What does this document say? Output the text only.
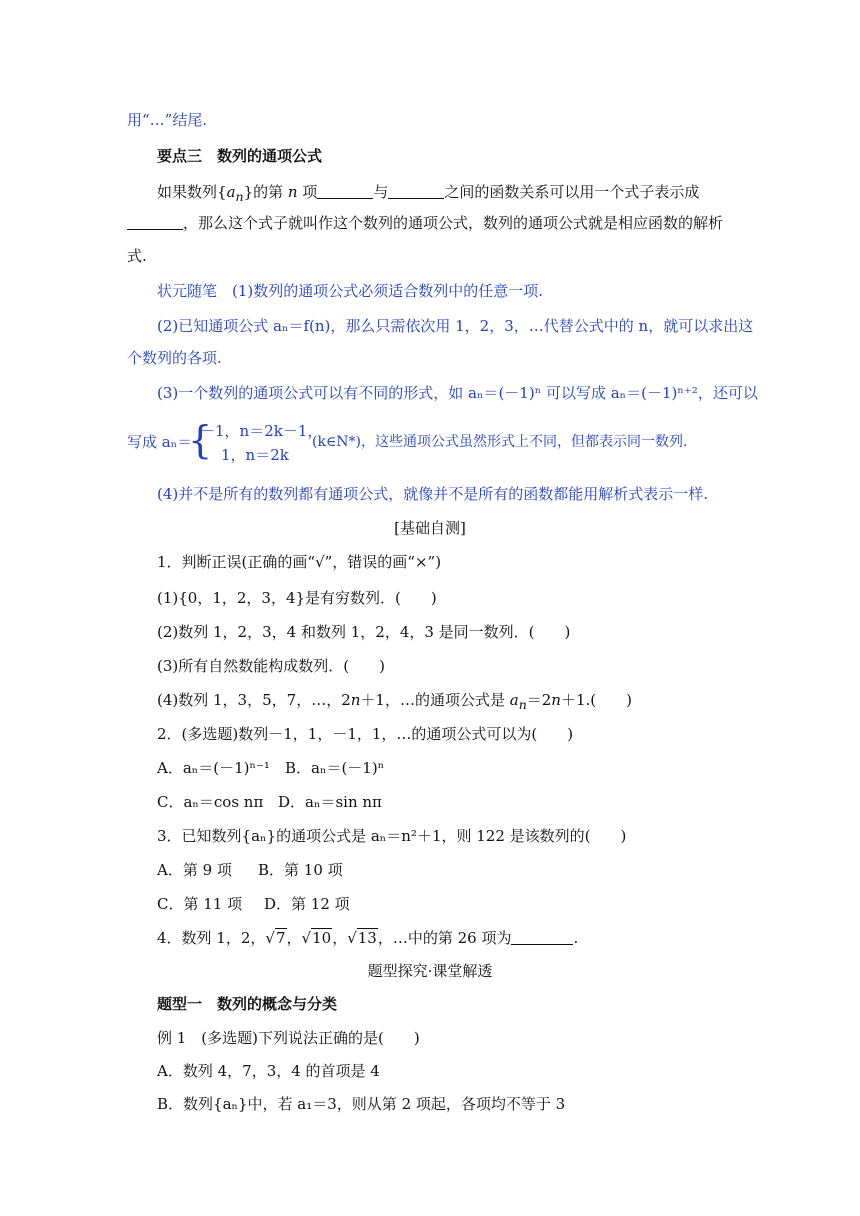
用“…”结尾.
要点三　数列的通项公式
如果数列$\{a_n\}$的第 n 项	与	之间的函数关系可以用一个式子表示成
，那么这个式子就叫作这个数列的通项公式，数列的通项公式就是相应函数的解析
式.
状元随笔　(1)数列的通项公式必须适合数列中的任意一项.
(2)已知通项公式 aₙ＝f(n)，那么只需依次用 1，2，3，…代替公式中的 n，就可以求出这
个数列的各项.
(3)一个数列的通项公式可以有不同的形式，如 aₙ＝(－1)ⁿ 可以写成 aₙ＝(－1)ⁿ⁺²，还可以
写成 aₙ＝
{
－1，n＝2k－1，
1，n＝2k
(k∈N*)，这些通项公式虽然形式上不同，但都表示同一数列.
(4)并不是所有的数列都有通项公式，就像并不是所有的函数都能用解析式表示一样.
[基础自测]
1．判断正误(正确的画“√”，错误的画“×”)
(1){0，1，2，3，4}是有穷数列．(　　)
(2)数列 1，2，3，4 和数列 1，2，4，3 是同一数列．(　　)
(3)所有自然数能构成数列．(　　)
(4)数列 1，3，5，7，…，2n＋1，…的通项公式是 $a_n=2n+1$.(　　)
2．(多选题)数列－1，1，－1，1，…的通项公式可以为(　　)
A．aₙ＝(－1)ⁿ⁻¹ B．aₙ＝(－1)ⁿ
C．aₙ＝cos nπ D．aₙ＝sin nπ
3．已知数列{aₙ}的通项公式是 aₙ＝n²＋1，则 122 是该数列的(　　)
A．第 9 项 B．第 10 项
C．第 11 项 D．第 12 项
4．数列 1，2，√7，√10，√13，…中的第 26 项为	.
题型探究·课堂解透
题型一　数列的概念与分类
例 1　(多选题)下列说法正确的是(　　)
A．数列 4，7，3，4 的首项是 4
B．数列{aₙ}中，若 a₁＝3，则从第 2 项起，各项均不等于 3
